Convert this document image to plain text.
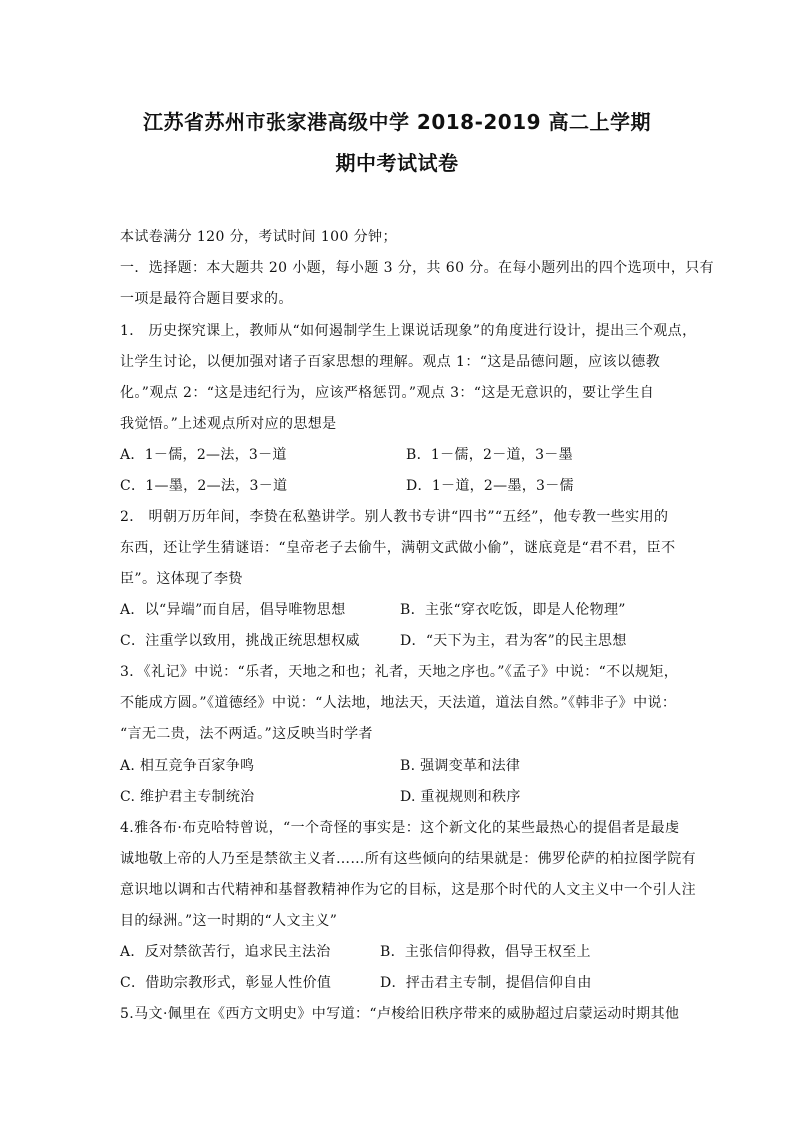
江苏省苏州市张家港高级中学 2018-2019 高二上学期
期中考试试卷
本试卷满分 120 分，考试时间 100 分钟；
一．选择题：本大题共 20 小题，每小题 3 分，共 60 分。在每小题列出的四个选项中，只有
一项是最符合题目要求的。
1． 历史探究课上，教师从“如何遏制学生上课说话现象”的角度进行设计，提出三个观点，
让学生讨论，以便加强对诸子百家思想的理解。观点 1：“这是品德问题，应该以德教
化。”观点 2：“这是违纪行为，应该严格惩罚。”观点 3：“这是无意识的，要让学生自
我觉悟。”上述观点所对应的思想是
A．1－儒，2—法，3－道	B．1－儒，2－道，3－墨
C．1—墨，2—法，3－道	D．1－道，2—墨，3－儒
2． 明朝万历年间，李贽在私塾讲学。别人教书专讲“四书”“五经”，他专教一些实用的
东西，还让学生猜谜语：“皇帝老子去偷牛，满朝文武做小偷”，谜底竟是“君不君，臣不
臣”。这体现了李贽
A．以“异端”而自居，倡导唯物思想	B．主张“穿衣吃饭，即是人伦物理”
C．注重学以致用，挑战正统思想权威	D．“天下为主，君为客”的民主思想
3．《礼记》中说：“乐者，天地之和也；礼者，天地之序也。”《孟子》中说：“不以规矩，
不能成方圆。”《道德经》中说：“人法地，地法天，天法道，道法自然。”《韩非子》中说：
“言无二贵，法不两适。”这反映当时学者
A. 相互竞争百家争鸣	B. 强调变革和法律
C. 维护君主专制统治	D. 重视规则和秩序
4.雅各布·布克哈特曾说，“一个奇怪的事实是：这个新文化的某些最热心的提倡者是最虔
诚地敬上帝的人乃至是禁欲主义者……所有这些倾向的结果就是：佛罗伦萨的柏拉图学院有
意识地以调和古代精神和基督教精神作为它的目标，这是那个时代的人文主义中一个引人注
目的绿洲。”这一时期的“人文主义”
A．反对禁欲苦行，追求民主法治	B．主张信仰得救，倡导王权至上
C．借助宗教形式，彰显人性价值	D．抨击君主专制，提倡信仰自由
5.马文·佩里在《西方文明史》中写道：“卢梭给旧秩序带来的威胁超过启蒙运动时期其他
